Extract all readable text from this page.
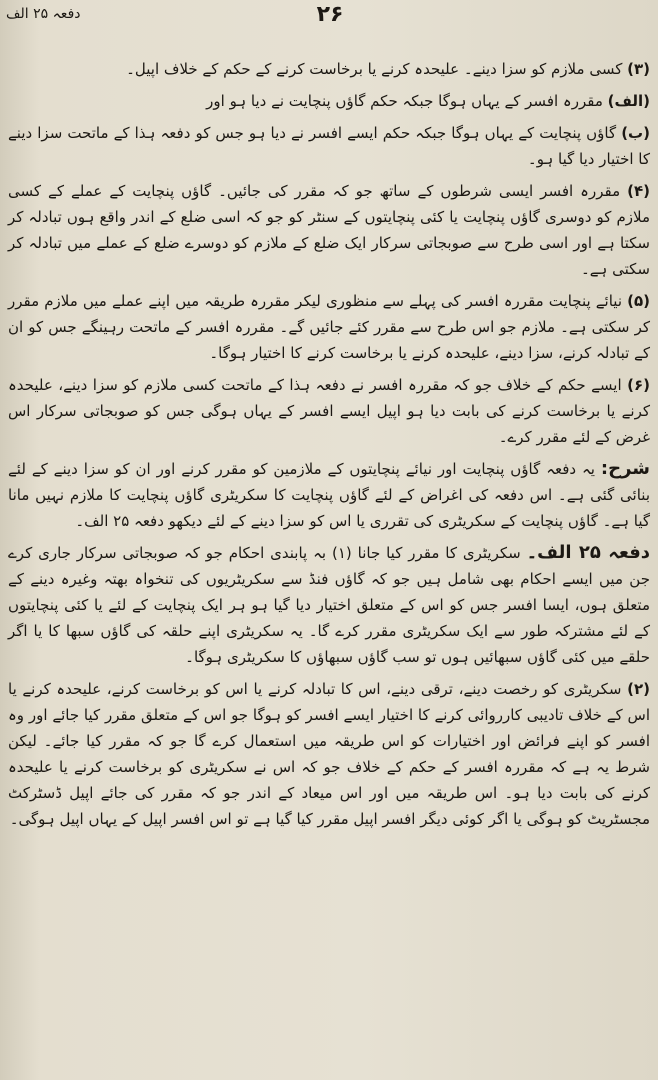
دفعہ ۲۵ الف	۲۶

(۳) کسی ملازم کو سزا دینے۔ علیحدہ کرنے یا برخاست کرنے کے حکم کے خلاف اپیل۔

(الف) مقررہ افسر کے یہاں ہوگا جبکہ حکم گاؤں پنچایت نے دیا ہو اور

(ب) گاؤں پنچایت کے یہاں ہوگا جبکہ حکم ایسے افسر نے دیا ہو جس کو دفعہ ہذا کے ماتحت سزا دینے کا اختیار دیا گیا ہو۔

(۴) مقررہ افسر ایسی شرطوں کے ساتھ جو کہ مقرر کی جائیں۔ گاؤں پنچایت کے عملے کے کسی ملازم کو دوسری گاؤں پنچایت یا کئی پنچایتوں کے سنٹر کو جو کہ اسی ضلع کے اندر واقع ہوں تبادلہ کر سکتا ہے اور اسی طرح سے صوبجاتی سرکار ایک ضلع کے ملازم کو دوسرے ضلع کے عملے میں تبادلہ کر سکتی ہے۔

(۵) نیائے پنچایت مقررہ افسر کی پہلے سے منظوری لیکر مقررہ طریقہ میں اپنے عملے میں ملازم مقرر کر سکتی ہے۔ ملازم جو اس طرح سے مقرر کئے جائیں گے۔ مقررہ افسر کے ماتحت رہینگے جس کو ان کے تبادلہ کرنے، سزا دینے، علیحدہ کرنے یا برخاست کرنے کا اختیار ہوگا۔

(۶) ایسے حکم کے خلاف جو کہ مقررہ افسر نے دفعہ ہذا کے ماتحت کسی ملازم کو سزا دینے، علیحدہ کرنے یا برخاست کرنے کی بابت دیا ہو اپیل ایسے افسر کے یہاں ہوگی جس کو صوبجاتی سرکار اس غرض کے لئے مقرر کرے۔

شرح: یہ دفعہ گاؤں پنچایت اور نیائے پنچایتوں کے ملازمین کو مقرر کرنے اور ان کو سزا دینے کے لئے بنائی گئی ہے۔ اس دفعہ کی اغراض کے لئے گاؤں پنچایت کا سکریٹری گاؤں پنچایت کا ملازم نہیں مانا گیا ہے۔ گاؤں پنچایت کے سکریٹری کی تقرری یا اس کو سزا دینے کے لئے دیکھو دفعہ ۲۵ الف۔

دفعہ ۲۵ الف۔ سکریٹری کا مقرر کیا جانا (۱) بہ پابندی احکام جو کہ صوبجاتی سرکار جاری کرے جن میں ایسے احکام بھی شامل ہیں جو کہ گاؤں فنڈ سے سکریٹریوں کی تنخواہ بھتہ وغیرہ دینے کے متعلق ہوں، ایسا افسر جس کو اس کے متعلق اختیار دیا گیا ہو ہر ایک پنچایت کے لئے یا کئی پنچایتوں کے لئے مشترکہ طور سے ایک سکریٹری مقرر کرے گا۔ یہ سکریٹری اپنے حلقہ کی گاؤں سبھا کا یا اگر حلقے میں کئی گاؤں سبھائیں ہوں تو سب گاؤں سبھاؤں کا سکریٹری ہوگا۔

(۲) سکریٹری کو رخصت دینے، ترقی دینے، اس کا تبادلہ کرنے یا اس کو برخاست کرنے، علیحدہ کرنے یا اس کے خلاف تادیبی کارروائی کرنے کا اختیار ایسے افسر کو ہوگا جو اس کے متعلق مقرر کیا جائے اور وہ افسر کو اپنے فرائض اور اختیارات کو اس طریقہ میں استعمال کرے گا جو کہ مقرر کیا جائے۔ لیکن شرط یہ ہے کہ مقررہ افسر کے حکم کے خلاف جو کہ اس نے سکریٹری کو برخاست کرنے یا علیحدہ کرنے کی بابت دیا ہو۔ اس طریقہ میں اور اس میعاد کے اندر جو کہ مقرر کی جائے اپیل ڈسٹرکٹ مجسٹریٹ کو ہوگی یا اگر کوئی دیگر افسر اپیل مقرر کیا گیا ہے تو اس افسر اپیل کے یہاں اپیل ہوگی۔
